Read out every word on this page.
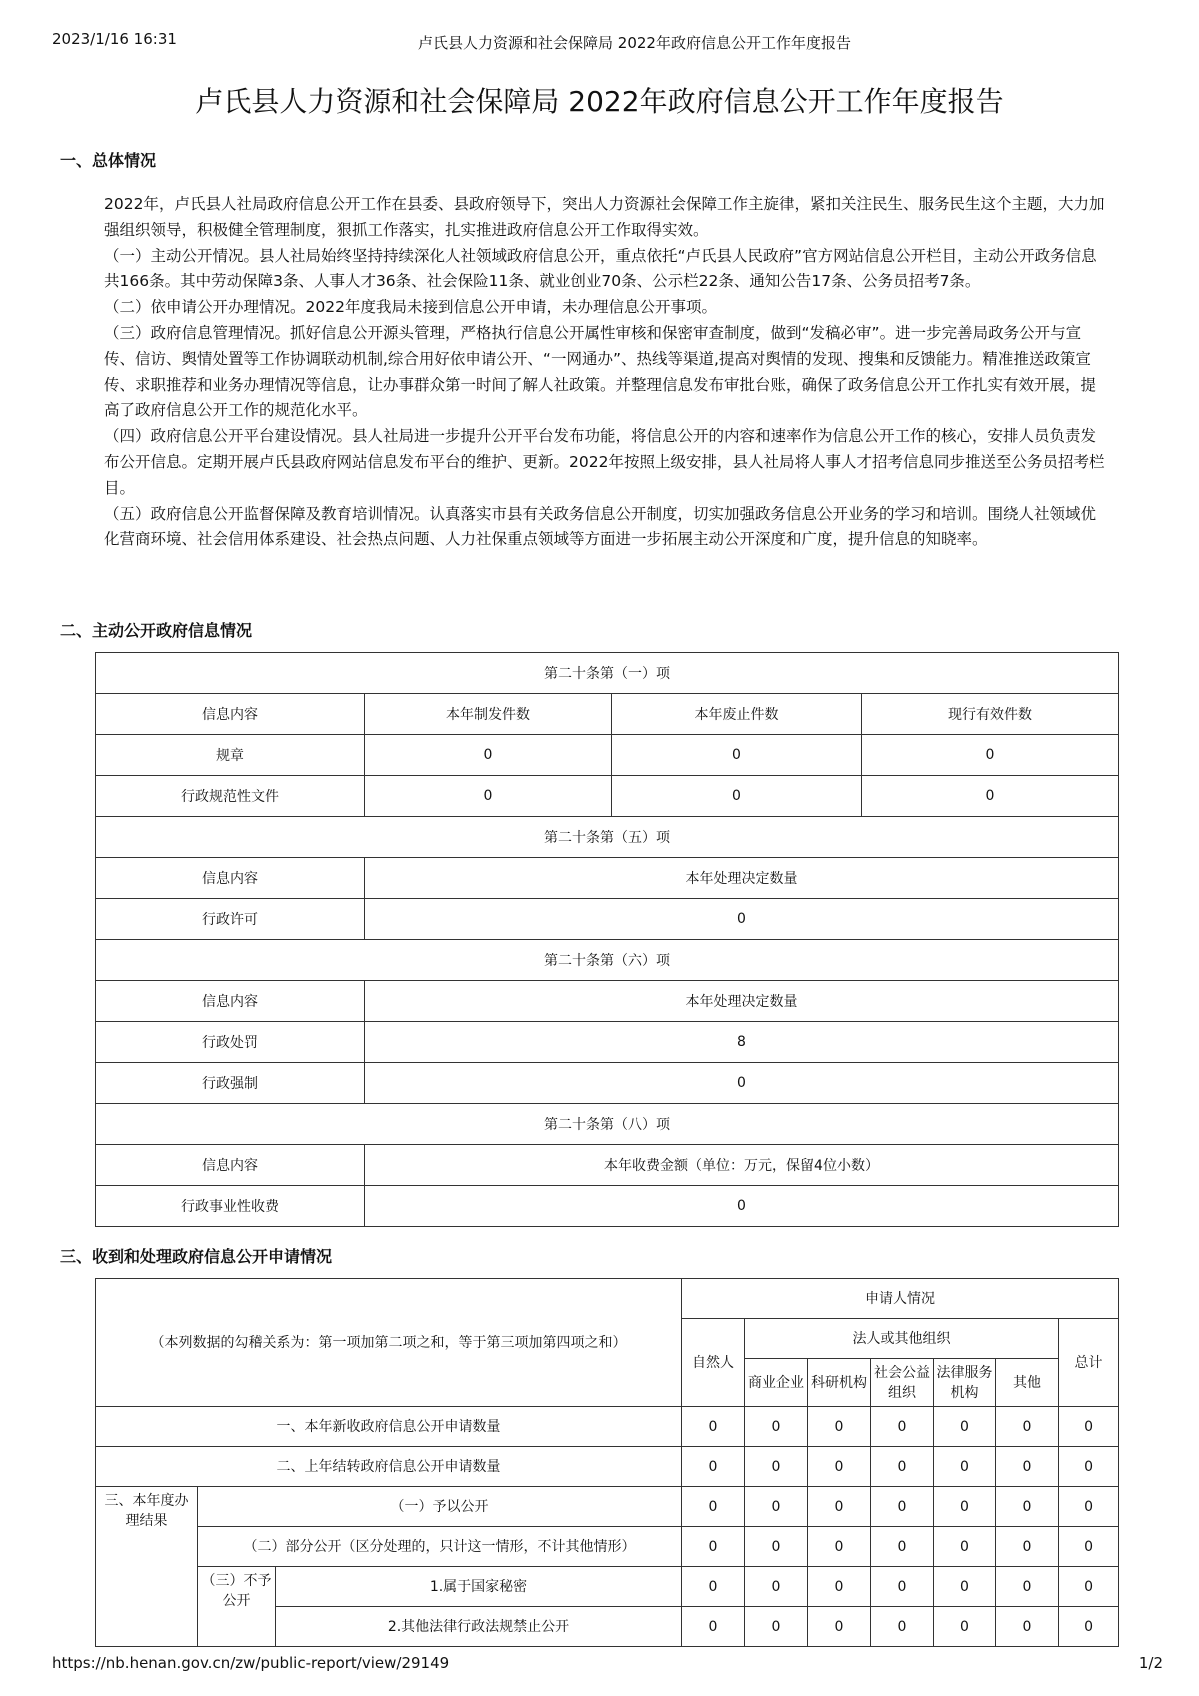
2023/1/16 16:31	卢氏县人力资源和社会保障局 2022年政府信息公开工作年度报告
卢氏县人力资源和社会保障局 2022年政府信息公开工作年度报告
一、总体情况

2022年，卢氏县人社局政府信息公开工作在县委、县政府领导下，突出人力资源社会保障工作主旋律，紧扣关注民生、服务民生这个主题，大力加强组织领导，积极健全管理制度，狠抓工作落实，扎实推进政府信息公开工作取得实效。

（一）主动公开情况。县人社局始终坚持持续深化人社领域政府信息公开，重点依托“卢氏县人民政府”官方网站信息公开栏目，主动公开政务信息共166条。其中劳动保障3条、人事人才36条、社会保险11条、就业创业70条、公示栏22条、通知公告17条、公务员招考7条。

（二）依申请公开办理情况。2022年度我局未接到信息公开申请，未办理信息公开事项。

（三）政府信息管理情况。抓好信息公开源头管理，严格执行信息公开属性审核和保密审查制度，做到“发稿必审”。进一步完善局政务公开与宣传、信访、舆情处置等工作协调联动机制,综合用好依申请公开、“一网通办”、热线等渠道,提高对舆情的发现、搜集和反馈能力。精准推送政策宣传、求职推荐和业务办理情况等信息，让办事群众第一时间了解人社政策。并整理信息发布审批台账，确保了政务信息公开工作扎实有效开展，提高了政府信息公开工作的规范化水平。

（四）政府信息公开平台建设情况。县人社局进一步提升公开平台发布功能，将信息公开的内容和速率作为信息公开工作的核心，安排人员负责发布公开信息。定期开展卢氏县政府网站信息发布平台的维护、更新。2022年按照上级安排，县人社局将人事人才招考信息同步推送至公务员招考栏目。

（五）政府信息公开监督保障及教育培训情况。认真落实市县有关政务信息公开制度，切实加强政务信息公开业务的学习和培训。围绕人社领域优化营商环境、社会信用体系建设、社会热点问题、人力社保重点领域等方面进一步拓展主动公开深度和广度，提升信息的知晓率。

二、主动公开政府信息情况
第二十条第（一）项			
信息内容	本年制发件数	本年废止件数	现行有效件数
规章	0	0	0
行政规范性文件	0	0	0
第二十条第（五）项			
信息内容	本年处理决定数量		
行政许可	0		
第二十条第（六）项			
信息内容	本年处理决定数量		
行政处罚	8		
行政强制	0		
第二十条第（八）项			
信息内容	本年收费金额（单位：万元，保留4位小数）		
行政事业性收费	0		
三、收到和处理政府信息公开申请情况
（本列数据的勾稽关系为：第一项加第二项之和，等于第三项加第四项之和）			申请人情况						
			自然人	法人或其他组织					总计
				商业企业	科研机构	社会公益组织	法律服务机构	其他	
一、本年新收政府信息公开申请数量			0	0	0	0	0	0	0
二、上年结转政府信息公开申请数量			0	0	0	0	0	0	0
三、本年度办理结果	（一）予以公开		0	0	0	0	0	0	0
	（二）部分公开（区分处理的，只计这一情形，不计其他情形）		0	0	0	0	0	0	0
	（三）不予公开	1.属于国家秘密	0	0	0	0	0	0	0
		2.其他法律行政法规禁止公开	0	0	0	0	0	0	0
https://nb.henan.gov.cn/zw/public-report/view/29149	1/2
